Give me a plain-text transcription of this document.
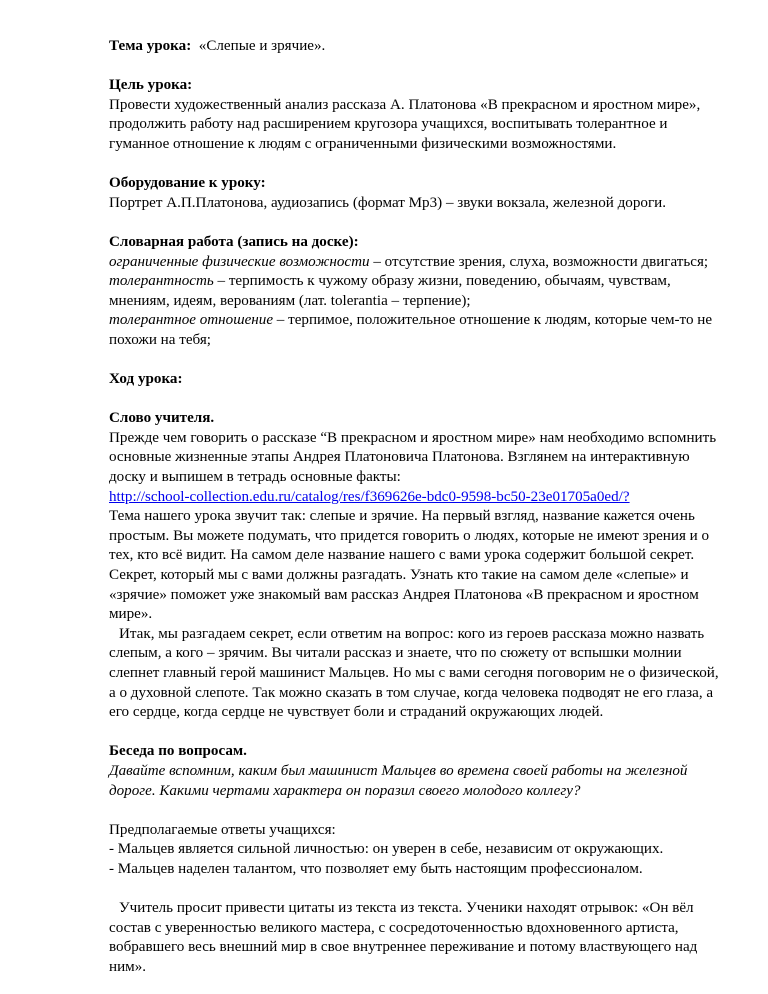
Тема урока: «Слепые и зрячие».

Цель урока:

Провести художественный анализ рассказа А. Платонова «В прекрасном и яростном мире», продолжить работу над расширением кругозора учащихся, воспитывать толерантное и гуманное отношение к людям с ограниченными физическими возможностями.

Оборудование к уроку:

Портрет А.П.Платонова, аудиозапись (формат Мр3) – звуки вокзала, железной дороги.

Словарная работа (запись на доске):

ограниченные физические возможности – отсутствие зрения, слуха, возможности двигаться;

толерантность – терпимость к чужому образу жизни, поведению, обычаям, чувствам, мнениям, идеям, верованиям (лат. tolerantia – терпение);

толерантное отношение – терпимое, положительное отношение к людям, которые чем-то не похожи на тебя;

Ход урока:

Слово учителя.

Прежде чем говорить о рассказе “В прекрасном и яростном мире» нам необходимо вспомнить основные жизненные этапы Андрея Платоновича Платонова. Взглянем на интерактивную доску и выпишем в тетрадь основные факты:

http://school-collection.edu.ru/catalog/res/f369626e-bdc0-9598-bc50-23e01705a0ed/?

Тема нашего урока звучит так: слепые и зрячие. На первый взгляд, название кажется очень простым. Вы можете подумать, что придется говорить о людях, которые не имеют зрения и о тех, кто всё видит. На самом деле название нашего с вами урока содержит большой секрет. Секрет, который мы с вами должны разгадать. Узнать кто такие на самом деле «слепые» и «зрячие» поможет уже знакомый вам рассказ Андрея Платонова «В прекрасном и яростном мире».

Итак, мы разгадаем секрет, если ответим на вопрос: кого из героев рассказа можно назвать слепым, а кого – зрячим. Вы читали рассказ и знаете, что по сюжету от вспышки молнии слепнет главный герой машинист Мальцев. Но мы с вами сегодня поговорим не о физической, а о духовной слепоте. Так можно сказать в том случае, когда человека подводят не его глаза, а его сердце, когда сердце не чувствует боли и страданий окружающих людей.

Беседа по вопросам.

Давайте вспомним, каким был машинист Мальцев во времена своей работы на железной дороге. Какими чертами характера он поразил своего молодого коллегу?

Предполагаемые ответы учащихся:

- Мальцев является сильной личностью: он уверен в себе, независим от окружающих.

- Мальцев наделен талантом, что позволяет ему быть настоящим профессионалом.

Учитель просит привести цитаты из текста из текста. Ученики находят отрывок: «Он вёл состав с уверенностью великого мастера, с сосредоточенностью вдохновенного артиста, вобравшего весь внешний мир в свое внутреннее переживание и потому властвующего над ним».
